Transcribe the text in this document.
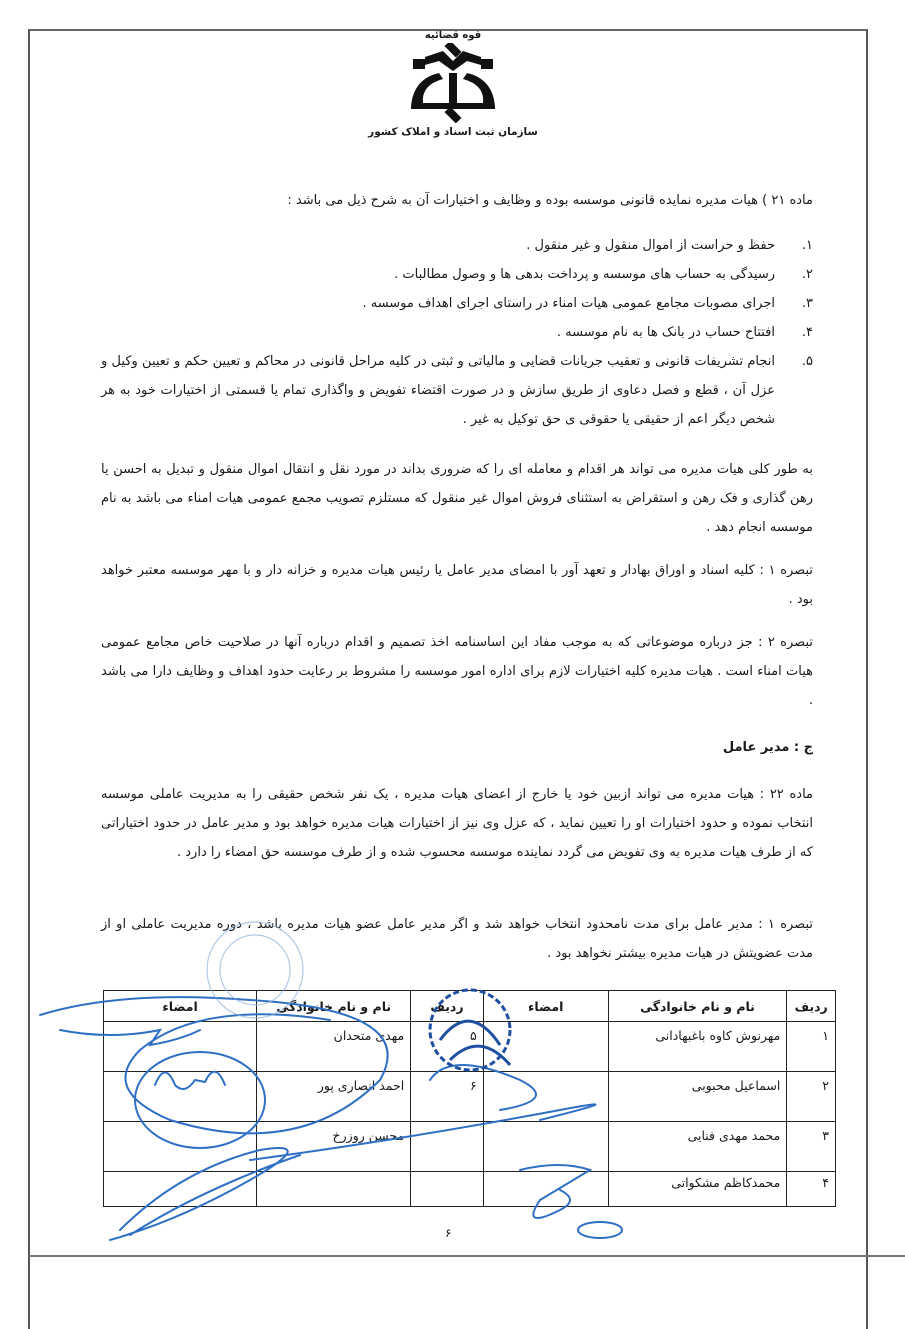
قوه قضائیه
سازمان ثبت اسناد و املاک کشور
ماده ۲۱ ) هیات مدیره نمایده قانونی موسسه بوده و وظایف و اختیارات آن به شرح ذیل می باشد :
۱.
حفظ و حراست از اموال منقول و غیر منقول .
۲.
رسیدگی به حساب های موسسه و پرداخت بدهی ها و وصول مطالبات .
۳.
اجرای مصوبات مجامع عمومی هیات امناء در راستای اجرای اهداف موسسه .
۴.
افتتاح حساب در بانک ها به نام موسسه .
۵.
انجام تشریفات قانونی و تعقیب جریانات قضایی و مالیاتی و ثبتی در کلیه مراحل قانونی در محاکم و تعیین حکم و تعیین وکیل و عزل آن ، قطع و فصل دعاوی از طریق سازش و در صورت اقتضاء تفویض و واگذاری تمام یا قسمتی از اختیارات خود به هر شخص دیگر اعم از حقیقی یا حقوقی ی حق توکیل به غیر .
به طور کلی هیات مدیره می تواند هر اقدام و معامله ای را که ضروری بداند در مورد نقل و انتقال اموال منقول و تبدیل به احسن یا رهن گذاری و فک رهن و استقراض به استثنای فروش اموال غیر منقول که مستلزم تصویب مجمع عمومی هیات امناء می باشد به نام موسسه انجام دهد .
تبصره ۱ : کلیه اسناد و اوراق بهادار و تعهد آور با امضای مدیر عامل یا رئیس هیات مدیره و خزانه دار و با مهر موسسه معتبر خواهد بود .
تبصره ۲ : جز درباره موضوعاتی که به موجب مفاد این اساسنامه اخذ تصمیم و اقدام درباره آنها در صلاحیت خاص مجامع عمومی هیات امناء است . هیات مدیره کلیه اختیارات لازم برای اداره امور موسسه را مشروط بر رعایت حدود اهداف و وظایف دارا می باشد .
ج : مدیر عامل
ماده ۲۲ : هیات مدیره می تواند ازبین خود یا خارج از اعضای هیات مدیره ، یک نفر شخص حقیقی را به مدیریت عاملی موسسه انتخاب نموده و حدود اختیارات او را تعیین نماید ، که عزل وی نیز از اختیارات هیات مدیره خواهد بود و مدیر عامل در حدود اختیاراتی که از طرف هیات مدیره به وی تفویض می گردد نماینده موسسه محسوب شده و از طرف موسسه حق امضاء را دارد .
تبصره ۱ : مدیر عامل برای مدت نامحدود انتخاب خواهد شد و اگر مدیر عامل عضو هیات مدیره باشد ، دوره مدیریت عاملی او از مدت عضویتش در هیات مدیره بیشتر نخواهد بود .
ردیف	نام و نام خانوادگی	امضاء	ردیف	نام و نام خانوادگی	امضاء
۱	مهرنوش کاوه باغبهادانی		۵	مهدی متحدان	
۲	اسماعیل محبوبی		۶	احمد انصاری پور	
۳	محمد مهدی فنایی			محسن روزرخ	
۴	محمدکاظم مشکواتی				
۶
